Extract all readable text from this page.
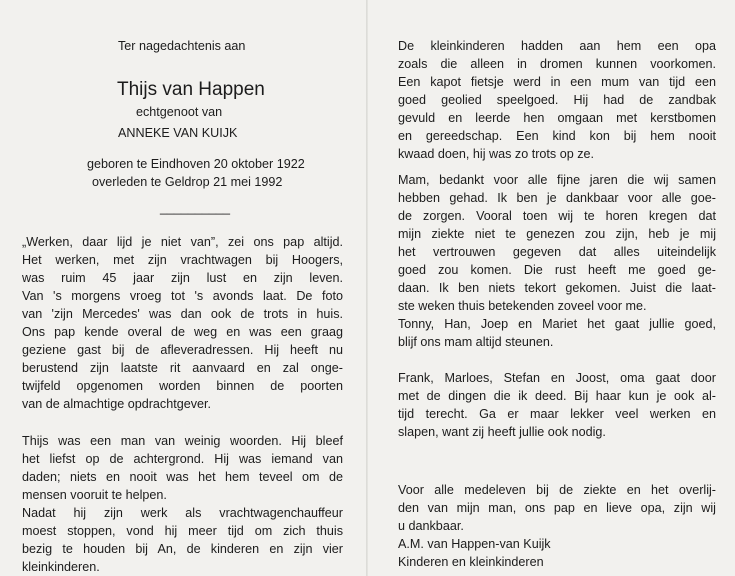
Ter nagedachtenis aan
Thijs van Happen
echtgenoot van
ANNEKE VAN KUIJK
geboren te Eindhoven 20 oktober 1922
overleden te Geldrop 21 mei 1992
__________
„Werken, daar lijd je niet van”, zei ons pap altijd.
Het werken, met zijn vrachtwagen bij Hoogers,
was ruim 45 jaar zijn lust en zijn leven.
Van 's morgens vroeg tot 's avonds laat. De foto
van 'zijn Mercedes' was dan ook de trots in huis.
Ons pap kende overal de weg en was een graag
geziene gast bij de afleveradressen. Hij heeft nu
berustend zijn laatste rit aanvaard en zal onge-
twijfeld opgenomen worden binnen de poorten
van de almachtige opdrachtgever.
Thijs was een man van weinig woorden. Hij bleef
het liefst op de achtergrond. Hij was iemand van
daden; niets en nooit was het hem teveel om de
mensen vooruit te helpen.
Nadat hij zijn werk als vrachtwagenchauffeur
moest stoppen, vond hij meer tijd om zich thuis
bezig te houden bij An, de kinderen en zijn vier
kleinkinderen.
De kleinkinderen hadden aan hem een opa
zoals die alleen in dromen kunnen voorkomen.
Een kapot fietsje werd in een mum van tijd een
goed geolied speelgoed. Hij had de zandbak
gevuld en leerde hen omgaan met kerstbomen
en gereedschap. Een kind kon bij hem nooit
kwaad doen, hij was zo trots op ze.
Mam, bedankt voor alle fijne jaren die wij samen
hebben gehad. Ik ben je dankbaar voor alle goe-
de zorgen. Vooral toen wij te horen kregen dat
mijn ziekte niet te genezen zou zijn, heb je mij
het vertrouwen gegeven dat alles uiteindelijk
goed zou komen. Die rust heeft me goed ge-
daan. Ik ben niets tekort gekomen. Juist die laat-
ste weken thuis betekenden zoveel voor me.
Tonny, Han, Joep en Mariet het gaat jullie goed,
blijf ons mam altijd steunen.
Frank, Marloes, Stefan en Joost, oma gaat door
met de dingen die ik deed. Bij haar kun je ook al-
tijd terecht. Ga er maar lekker veel werken en
slapen, want zij heeft jullie ook nodig.
Voor alle medeleven bij de ziekte en het overlij-
den van mijn man, ons pap en lieve opa, zijn wij
u dankbaar.
A.M. van Happen-van Kuijk
Kinderen en kleinkinderen
